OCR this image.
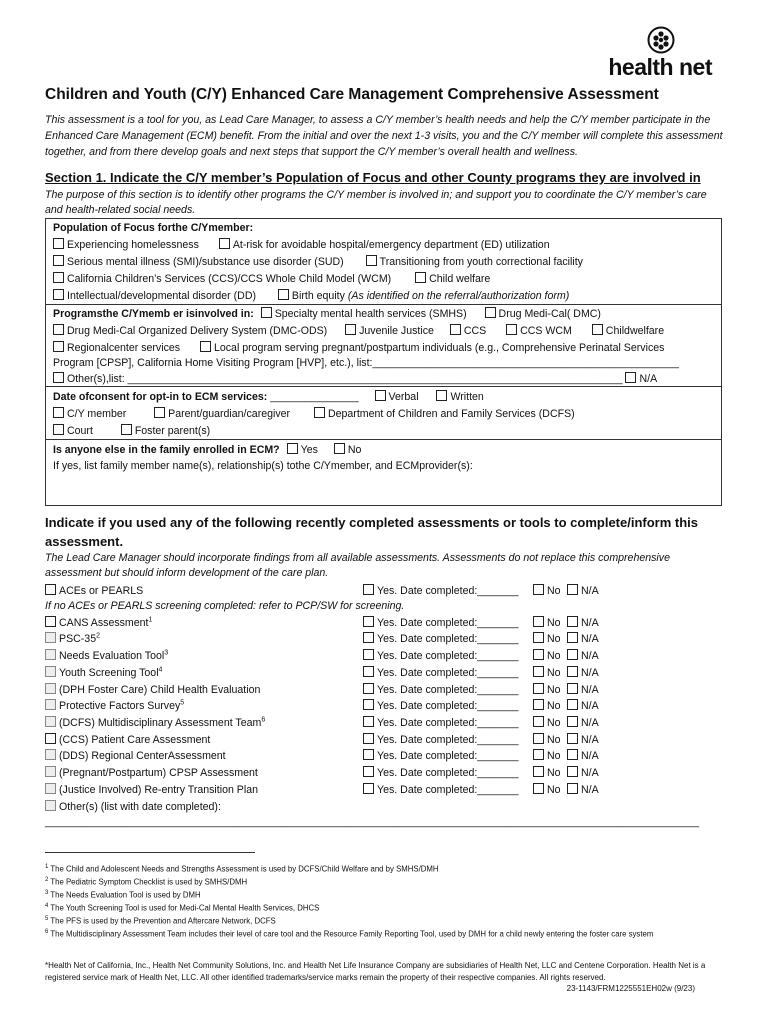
health net
Children and Youth (C/Y) Enhanced Care Management Comprehensive Assessment
This assessment is a tool for you, as Lead Care Manager, to assess a C/Y member’s health needs and help the C/Y member participate in the Enhanced Care Management (ECM) benefit. From the initial and over the next 1-3 visits, you and the C/Y member will complete this assessment together, and from there develop goals and next steps that support the C/Y member’s overall health and wellness.
Section 1. Indicate the C/Y member’s Population of Focus and other County programs they are involved in
The purpose of this section is to identify other programs the C/Y member is involved in; and support you to coordinate the C/Y member’s care and health-related social needs.
Population of Focus forthe C/Ymember:
Experiencing homelessness	At-risk for avoidable hospital/emergency department (ED) utilization
Serious mental illness (SMI)/substance use disorder (SUD)	Transitioning from youth correctional facility
California Children’s Services (CCS)/CCS Whole Child Model (WCM)	Child welfare
Intellectual/developmental disorder (DD)	Birth equity (As identified on the referral/authorization form)
Programsthe C/Ymemb er isinvolved in: Specialty mental health services (SMHS)	Drug Medi-Cal( DMC)
Drug Medi-Cal Organized Delivery System (DMC-ODS)	Juvenile Justice	CCS	CCS WCM	Childwelfare
Regionalcenter services	Local program serving pregnant/postpartum individuals (e.g., Comprehensive Perinatal Services
Program [CPSP], California Home Visiting Program [HVP], etc.), list:____________________________________________________
Other(s),list: ____________________________________________________________________________________ N/A
Date ofconsent for opt-in to ECM services: _______________	Verbal	Written
C/Y member	Parent/guardian/caregiver	Department of Children and Family Services (DCFS)
Court	Foster parent(s)
Is anyone else in the family enrolled in ECM? Yes	No
If yes, list family member name(s), relationship(s) tothe C/Ymember, and ECMprovider(s):
Indicate if you used any of the following recently completed assessments or tools to complete/inform this assessment.
The Lead Care Manager should incorporate findings from all available assessments. Assessments do not replace this comprehensive assessment but should inform development of the care plan.
ACEs or PEARLS	Yes. Date completed:_______	No	N/A
CANS Assessment$^1$	Yes. Date completed:_______	No	N/A
PSC-$35^2$	Yes. Date completed:_______	No	N/A
Needs Evaluation Tool$^3$	Yes. Date completed:_______	No	N/A
Youth Screening Tool$^4$	Yes. Date completed:_______	No	N/A
(DPH Foster Care) Child Health Evaluation	Yes. Date completed:_______	No	N/A
Protective Factors Survey$^5$	Yes. Date completed:_______	No	N/A
(DCFS) Multidisciplinary Assessment Team$^6$	Yes. Date completed:_______	No	N/A
(CCS) Patient Care Assessment	Yes. Date completed:_______	No	N/A
(DDS) Regional CenterAssessment	Yes. Date completed:_______	No	N/A
(Pregnant/Postpartum) CPSP Assessment	Yes. Date completed:_______	No	N/A
(Justice Involved) Re-entry Transition Plan	Yes. Date completed:_______	No	N/A
If no ACEs or PEARLS screening completed: refer to PCP/SW for screening.
Other(s) (list with date completed):
_______________________________________________________________________________________________________________
$^1$ The Child and Adolescent Needs and Strengths Assessment is used by DCFS/Child Welfare and by SMHS/DMH
$^2$ The Pediatric Symptom Checklist is used by SMHS/DMH
$^3$ The Needs Evaluation Tool is used by DMH
$^4$ The Youth Screening Tool is used for Medi-Cal Mental Health Services, DHCS
$^5$ The PFS is used by the Prevention and Aftercare Network, DCFS
$^6$ The Multidisciplinary Assessment Team includes their level of care tool and the Resource Family Reporting Tool, used by DMH for a child newly entering the foster care system
*Health Net of California, Inc., Health Net Community Solutions, Inc. and Health Net Life Insurance Company are subsidiaries of Health Net, LLC and Centene Corporation. Health Net is a registered service mark of Health Net, LLC. All other identified trademarks/service marks remain the property of their respective companies. All rights reserved.
23-1143/FRM1225551EH02w (9/23)
